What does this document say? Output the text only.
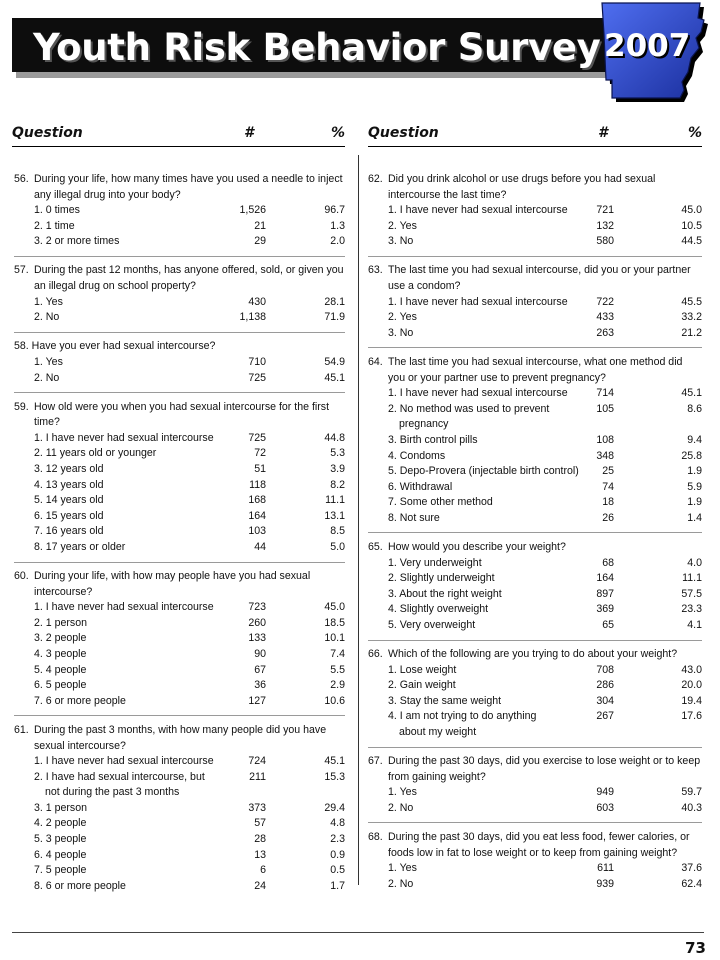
Youth Risk Behavior Survey 2007
Question	#	% Question	#	%
56. During your life, how many times have you used a needle to inject any illegal drug into your body?
1. 0 times	1,526	96.7
2. 1 time	21	1.3
3. 2 or more times	29	2.0
57. During the past 12 months, has anyone offered, sold, or given you an illegal drug on school property?
1. Yes	430	28.1
2. No	1,138	71.9
58. Have you ever had sexual intercourse?
1. Yes	710	54.9
2. No	725	45.1
59. How old were you when you had sexual intercourse for the first time?
1. I have never had sexual intercourse	725	44.8
2. 11 years old or younger	72	5.3
3. 12 years old	51	3.9
4. 13 years old	118	8.2
5. 14 years old	168	11.1
6. 15 years old	164	13.1
7. 16 years old	103	8.5
8. 17 years or older	44	5.0
60. During your life, with how may people have you had sexual intercourse?
1. I have never had sexual intercourse	723	45.0
2. 1 person	260	18.5
3. 2 people	133	10.1
4. 3 people	90	7.4
5. 4 people	67	5.5
6. 5 people	36	2.9
7. 6 or more people	127	10.6
61. During the past 3 months, with how many people did you have sexual intercourse?
1. I have never had sexual intercourse	724	45.1
2. I have had sexual intercourse, but
not during the past 3 months
211	15.3
3. 1 person	373	29.4
4. 2 people	57	4.8
5. 3 people	28	2.3
6. 4 people	13	0.9
7. 5 people	6	0.5
8. 6 or more people	24	1.7
62. Did you drink alcohol or use drugs before you had sexual intercourse the last time?
1. I have never had sexual intercourse	721	45.0
2. Yes	132	10.5
3. No	580	44.5
63. The last time you had sexual intercourse, did you or your partner use a condom?
1. I have never had sexual intercourse	722	45.5
2. Yes	433	33.2
3. No	263	21.2
64. The last time you had sexual intercourse, what one method did you or your partner use to prevent pregnancy?
1. I have never had sexual intercourse	714	45.1
2. No method was used to prevent
pregnancy
105	8.6
3. Birth control pills	108	9.4
4. Condoms	348	25.8
5. Depo-Provera (injectable birth control) 25	1.9
6. Withdrawal	74	5.9
7. Some other method	18	1.9
8. Not sure	26	1.4
65. How would you describe your weight?
1. Very underweight	68	4.0
2. Slightly underweight	164	11.1
3. About the right weight	897	57.5
4. Slightly overweight	369	23.3
5. Very overweight	65	4.1
66. Which of the following are you trying to do about your weight?
1. Lose weight	708	43.0
2. Gain weight	286	20.0
3. Stay the same weight	304	19.4
4. I am not trying to do anything
about my weight
267	17.6
67. During the past 30 days, did you exercise to lose weight or to keep from gaining weight?
1. Yes	949	59.7
2. No	603	40.3
68. During the past 30 days, did you eat less food, fewer calories, or foods low in fat to lose weight or to keep from gaining weight?
1. Yes	611	37.6
2. No	939	62.4
73
